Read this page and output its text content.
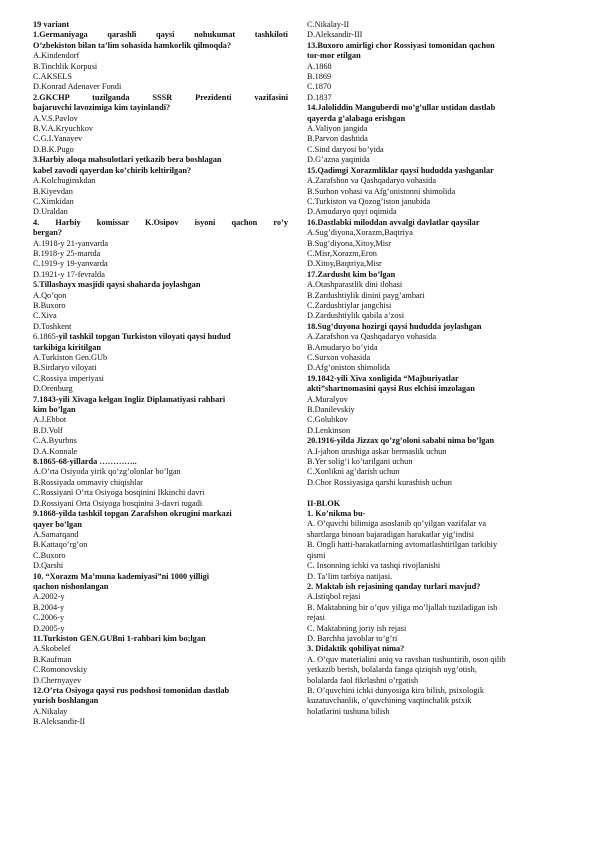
19 variant

1.Germaniyaga qarashli qaysi nohukumat tashkiloti

O’zbekiston bilan ta’lim sohasida hamkorlik qilmoqda?

A.Kindendorf

B.Tinchlik Korpusi

C.AKSELS

D.Konrad Adenaver Fondi

2.GKCHP tuzilganda SSSR Prezidenti vazifasini

bajaruvchi lavozimiga kim tayinlandi?

A.V.S.Pavlov

B.V.A.Kryuchkov

C.G.I.Yanayev

D.B.K.Pugo

3.Harbiy aloqa mahsulotlari yetkazib bera boshlagan

kabel zavodi qayerdan ko’chirib keltirilgan?

A.Kolchuginskdan

B.Kiyevdan

C.Ximkidan

D.Uraldan

4. Harbiy komissar K.Osipov isyoni qachon ro’y

bergan?

A.1918-y 21-yanvarda

B.1918-y 25-martda

C.1919-y 19-yanvarda

D.1921-y 17-fevralda

5.Tillashayx masjidi qaysi shaharda joylashgan

A.Qo’qon

B.Buxoro

C.Xiva

D.Toshkent

6.1865-yil tashkil topgan Turkiston viloyati qaysi hudud

tarkibiga kiritilgan

A.Turkiston Gen.GUb

B.Sirdaryo viloyati

C.Rossiya imperiyasi

D.Orenburg

7.1843-yili Xivaga kelgan Ingliz Diplamatiyasi rahbari

kim bo’lgan

A.J.Ebbot

B.D.Volf

C.A.Byurbns

D.A.Konnale

8.1865-68-yillarda …………..

A.O’rta Osiyoda yirik qo’zg’olonlar bo’lgan

B.Rossiyada ommaviy chiqishlar

C.Rossiyani O’rta Osiyoga bosqinini Ikkinchi davri

D.Rossiyani Orta Osiyoga bosqinini 3-davri tugadi

9.1868-yilda tashkil topgan Zarafshon okrugini markazi

qayer bo’lgan

A.Samarqand

B.Kattaqo’rg’on

C.Buxoro

D.Qarshi

10. “Xorazm Ma’muna kademiyasi”ni 1000 yilligi

qachon nishonlangan

A.2002-y

B.2004-y

C.2006-y

D.2005-y

11.Turkiston GEN.GUBni 1-rahbari kim bo;lgan

A.Skobelef

B.Kaufman

C.Romonovskiy

D.Chernyayev

12.O’rta Osiyoga qaysi rus podshosi tomonidan dastlab

yurish boshlangan

A.Nikalay

B.Aleksandir-II

C.Nikalay-II

D.Aleksandir-III

13.Buxoro amirligi chor Rossiyasi tomonidan qachon

tor-mor etilgan

A.1868

B.1869

C.1870

D.1837

14.Jaloliddin Manguberdi mo’g’ullar ustidan dastlab

qayerda g’alabaga erishgan

A.Valiyon jangida

B.Parvon dashtida

C.Sind daryosi bo’yida

D.G’azna yaqinida

15.Qadimgi Xorazmliklar qaysi hududda yashganlar

A.Zarafshon va Qashqadaryo vohasida

B.Surhon vohasi va Afg’onistonni shimolida

C.Turkiston va Qozog’iston janubida

D.Amudaryo quyi oqimida

16.Dastlabki miloddan avvalgi davlatlar qaysilar

A.Sug’diyona,Xorazm,Baqtriya

B.Sug’diyona,Xitoy,Misr

C.Misr,Xorazm,Eron

D.Xitoy,Baqtriya,Misr

17.Zardusht kim bo’lgan

A.Otashparastlik dini ilohasi

B.Zardushtiylik dinini payg’ambari

C.Zardushtiylar jangchisi

D.Zardushtiylik qabila a’zosi

18.Sug’duyona hozirgi qaysi hududda joylashgan

A.Zarafshon va Qashqadaryo vohasida

B.Amudaryo bo’yida

C.Surxon vohasida

D.Afg’oniston shimolida

19.1842-yili Xiva xonligida “Majburiyatlar

akti”shartnomasini qaysi Rus elchisi imzolagan

A.Muralyov

B.Danilevskiy

C.Golubkov

D.Lenkinson

20.1916-yilda Jizzax qo’zg’oloni sababi nima bo’lgan

A.I-jahon urushiga askar bermaslik uchun

B.Yer solig’i ko’tarilgani uchun

C.Xonlikni ag’darish uchun

D.Chor Rossiyasiga qarshi kurashish uchun

II-BLOK

1. Ko’nikma bu-

A. O’quvchi bilimiga asoslanib qo’yilgan vazifalar va

shartlarga binoan bajaradigan harakatlar yig’indisi

B. Ongli hatti-harakatlarning avtomatlashtirilgan tarkibiy

qismi

C. Insonning ichki va tashqi rivojlanishi

D. Ta’lim tarbiya natijasi.

2. Maktab ish rejasining qanday turlari mavjud?

A.Istiqbol rejasi

B. Maktabning bir o’quv yiliga mo’ljallab tuziladigan ish

rejasi

C. Maktabning joriy ish rejasi

D. Barchha javoblar to’g’ri

3. Didaktik qobiliyat nima?

A. O’quv materialini aniq va ravshan tushuntirib, oson qilib

yetkazib berish, bolalarda fanga qiziqish uyg’otish,

bolalarda faol fikrlashni o’rgatish

B. O’quvchini ichki dunyosiga kira bilish, psixologik

kuzatuvchanlik, o’quvchining vaqtinchalik psixik

holatlarini tushuna bilish
